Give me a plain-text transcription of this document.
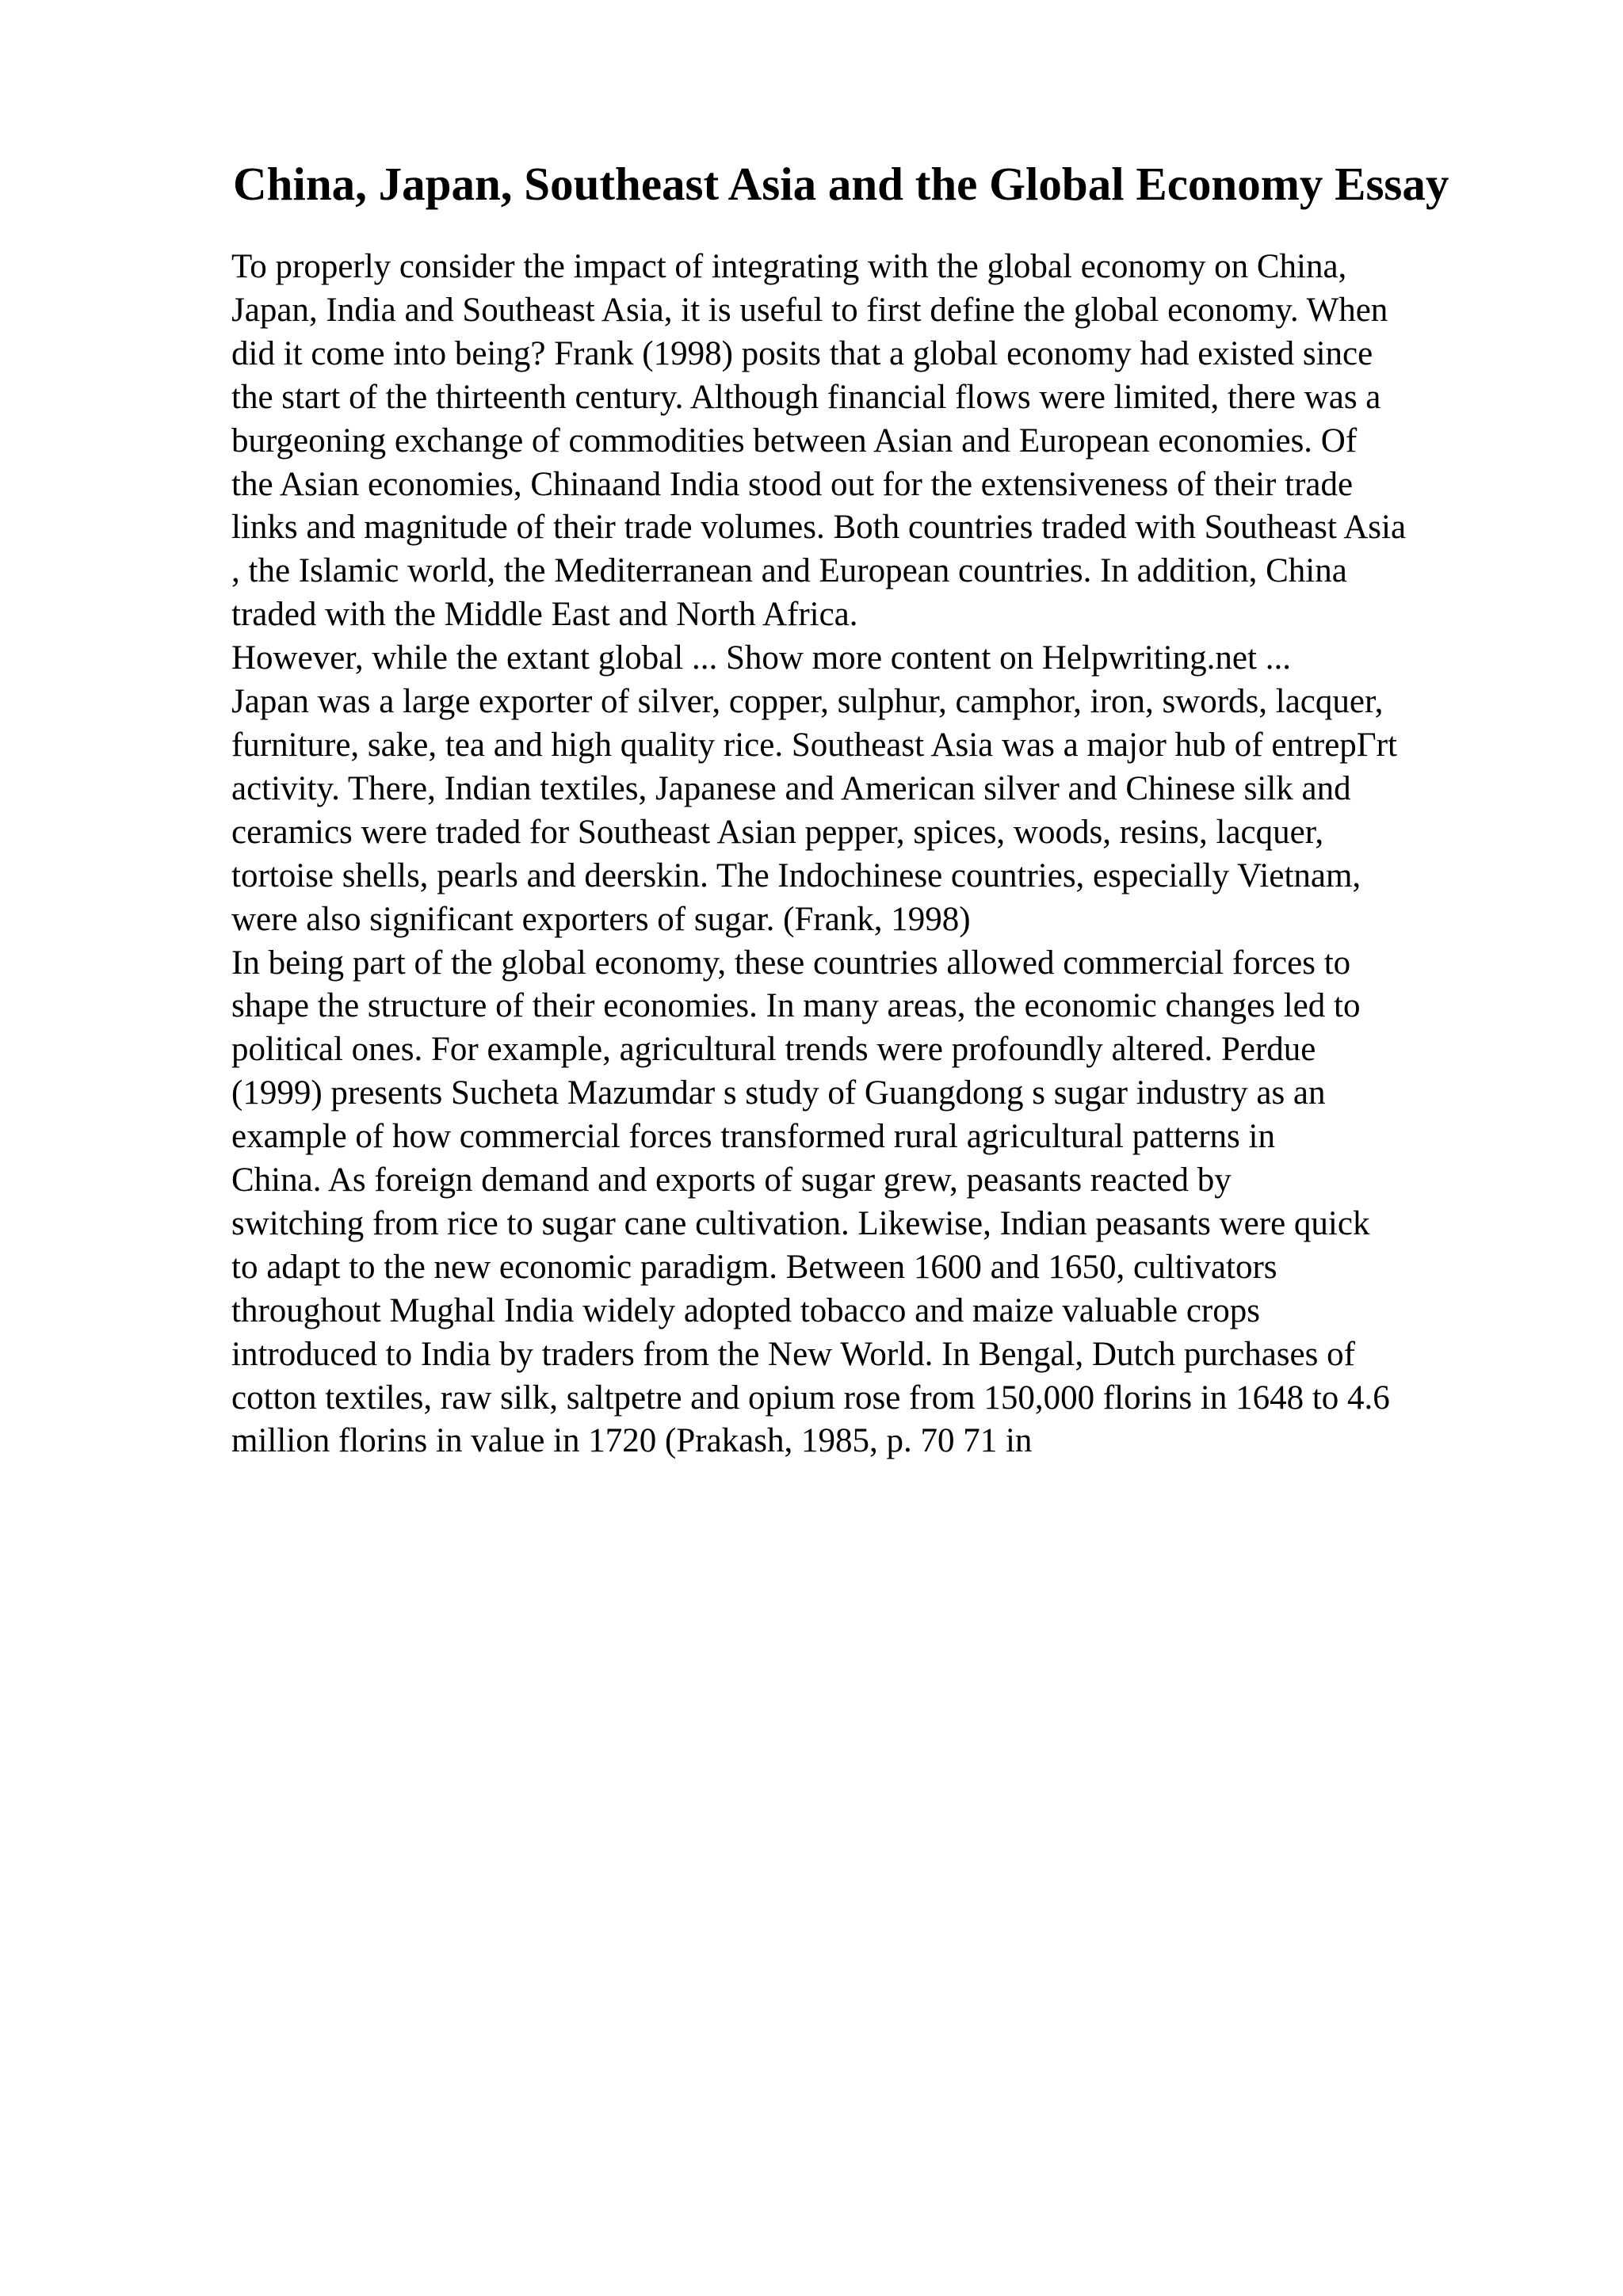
China, Japan, Southeast Asia and the Global Economy Essay
To properly consider the impact of integrating with the global economy on China,
Japan, India and Southeast Asia, it is useful to first define the global economy. When
did it come into being? Frank (1998) posits that a global economy had existed since
the start of the thirteenth century. Although financial flows were limited, there was a
burgeoning exchange of commodities between Asian and European economies. Of
the Asian economies, Chinaand India stood out for the extensiveness of their trade
links and magnitude of their trade volumes. Both countries traded with Southeast Asia
, the Islamic world, the Mediterranean and European countries. In addition, China
traded with the Middle East and North Africa.
However, while the extant global ... Show more content on Helpwriting.net ...
Japan was a large exporter of silver, copper, sulphur, camphor, iron, swords, lacquer,
furniture, sake, tea and high quality rice. Southeast Asia was a major hub of entrepГrt
activity. There, Indian textiles, Japanese and American silver and Chinese silk and
ceramics were traded for Southeast Asian pepper, spices, woods, resins, lacquer,
tortoise shells, pearls and deerskin. The Indochinese countries, especially Vietnam,
were also significant exporters of sugar. (Frank, 1998)
In being part of the global economy, these countries allowed commercial forces to
shape the structure of their economies. In many areas, the economic changes led to
political ones. For example, agricultural trends were profoundly altered. Perdue
(1999) presents Sucheta Mazumdar s study of Guangdong s sugar industry as an
example of how commercial forces transformed rural agricultural patterns in
China. As foreign demand and exports of sugar grew, peasants reacted by
switching from rice to sugar cane cultivation. Likewise, Indian peasants were quick
to adapt to the new economic paradigm. Between 1600 and 1650, cultivators
throughout Mughal India widely adopted tobacco and maize valuable crops
introduced to India by traders from the New World. In Bengal, Dutch purchases of
cotton textiles, raw silk, saltpetre and opium rose from 150,000 florins in 1648 to 4.6
million florins in value in 1720 (Prakash, 1985, p. 70 71 in
